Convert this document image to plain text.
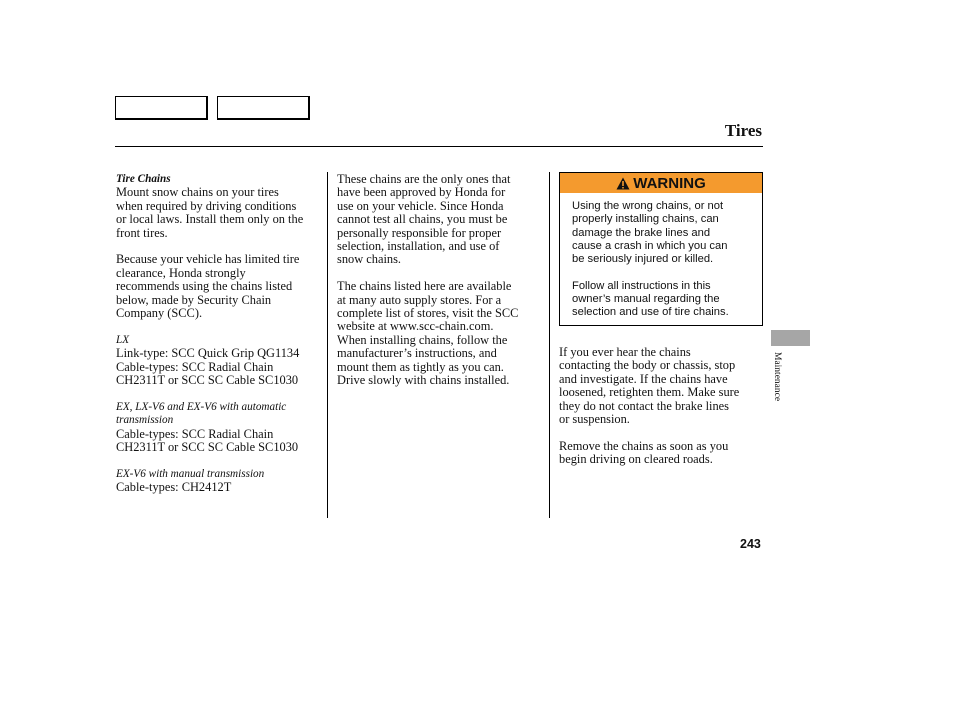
Tires

Tire Chains

Mount snow chains on your tires
when required by driving conditions
or local laws. Install them only on the
front tires.

Because your vehicle has limited tire
clearance, Honda strongly
recommends using the chains listed
below, made by Security Chain
Company (SCC).

LX

Link-type: SCC Quick Grip QG1134
Cable-types: SCC Radial Chain
CH2311T or SCC SC Cable SC1030

EX, LX-V6 and EX-V6 with automatic
transmission

Cable-types: SCC Radial Chain
CH2311T or SCC SC Cable SC1030

EX-V6 with manual transmission

Cable-types: CH2412T

These chains are the only ones that
have been approved by Honda for
use on your vehicle. Since Honda
cannot test all chains, you must be
personally responsible for proper
selection, installation, and use of
snow chains.

The chains listed here are available
at many auto supply stores. For a
complete list of stores, visit the SCC
website at www.scc-chain.com.
When installing chains, follow the
manufacturer’s instructions, and
mount them as tightly as you can.
Drive slowly with chains installed.

WARNING

Using the wrong chains, or not
properly installing chains, can
damage the brake lines and
cause a crash in which you can
be seriously injured or killed.

Follow all instructions in this
owner’s manual regarding the
selection and use of tire chains.

If you ever hear the chains
contacting the body or chassis, stop
and investigate. If the chains have
loosened, retighten them. Make sure
they do not contact the brake lines
or suspension.

Remove the chains as soon as you
begin driving on cleared roads.

Maintenance
243
